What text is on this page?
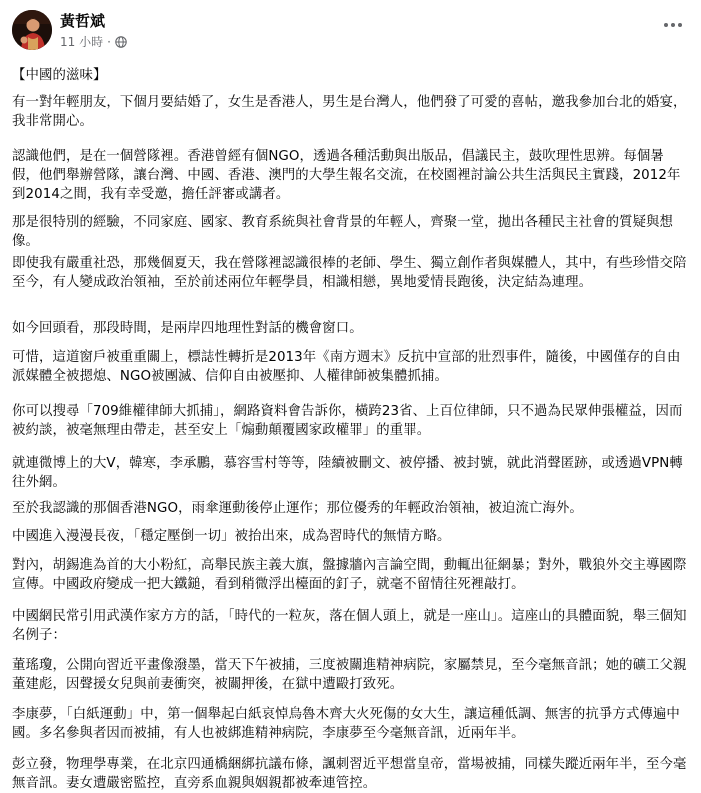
黃哲斌
11 小時 ·

【中國的滋味】

有一對年輕朋友，下個月要結婚了，女生是香港人，男生是台灣人，他們發了可愛的喜帖，邀我參加台北的婚宴，我非常開心。

認識他們，是在一個營隊裡。香港曾經有個NGO，透過各種活動與出版品，倡議民主，鼓吹理性思辨。每個暑假，他們舉辦營隊，讓台灣、中國、香港、澳門的大學生報名交流，在校園裡討論公共生活與民主實踐，2012年到2014之間，我有幸受邀，擔任評審或講者。

那是很特別的經驗，不同家庭、國家、教育系統與社會背景的年輕人，齊聚一堂，拋出各種民主社會的質疑與想像。

即使我有嚴重社恐，那幾個夏天，我在營隊裡認識很棒的老師、學生、獨立創作者與媒體人，其中，有些珍惜交陪至今，有人變成政治領袖，至於前述兩位年輕學員，相識相戀，異地愛情長跑後，決定結為連理。

如今回頭看，那段時間，是兩岸四地理性對話的機會窗口。

可惜，這道窗戶被重重關上，標誌性轉折是2013年《南方週末》反抗中宣部的壯烈事件，隨後，中國僅存的自由派媒體全被摁熄、NGO被團滅、信仰自由被壓抑、人權律師被集體抓捕。

你可以搜尋「709維權律師大抓捕」，網路資料會告訴你，橫跨23省、上百位律師，只不過為民眾伸張權益，因而被約談，被毫無理由帶走，甚至安上「煽動顛覆國家政權罪」的重罪。

就連微博上的大V，韓寒，李承鵬，慕容雪村等等，陸續被刪文、被停播、被封號，就此消聲匿跡，或透過VPN轉往外網。

至於我認識的那個香港NGO，雨傘運動後停止運作；那位優秀的年輕政治領袖，被迫流亡海外。

中國進入漫漫長夜，「穩定壓倒一切」被抬出來，成為習時代的無情方略。

對內，胡錫進為首的大小粉紅，高舉民族主義大旗，盤據牆內言論空間，動輒出征網暴；對外，戰狼外交主導國際宣傳。中國政府變成一把大鐵鎚，看到稍微浮出檯面的釘子，就毫不留情往死裡敲打。

中國網民常引用武漢作家方方的話，「時代的一粒灰，落在個人頭上，就是一座山」。這座山的具體面貌，舉三個知名例子：

董瑤瓊，公開向習近平畫像潑墨，當天下午被捕，三度被關進精神病院，家屬禁見，至今毫無音訊；她的礦工父親董建彪，因聲援女兒與前妻衝突，被關押後，在獄中遭毆打致死。

李康夢，「白紙運動」中，第一個舉起白紙哀悼烏魯木齊大火死傷的女大生，讓這種低調、無害的抗爭方式傳遍中國。多名參與者因而被捕，有人也被綁進精神病院，李康夢至今毫無音訊，近兩年半。

彭立發，物理學專業，在北京四通橋綑綁抗議布條，諷刺習近平想當皇帝，當場被捕，同樣失蹤近兩年半，至今毫無音訊。妻女遭嚴密監控，直旁系血親與姻親都被牽連管控。
